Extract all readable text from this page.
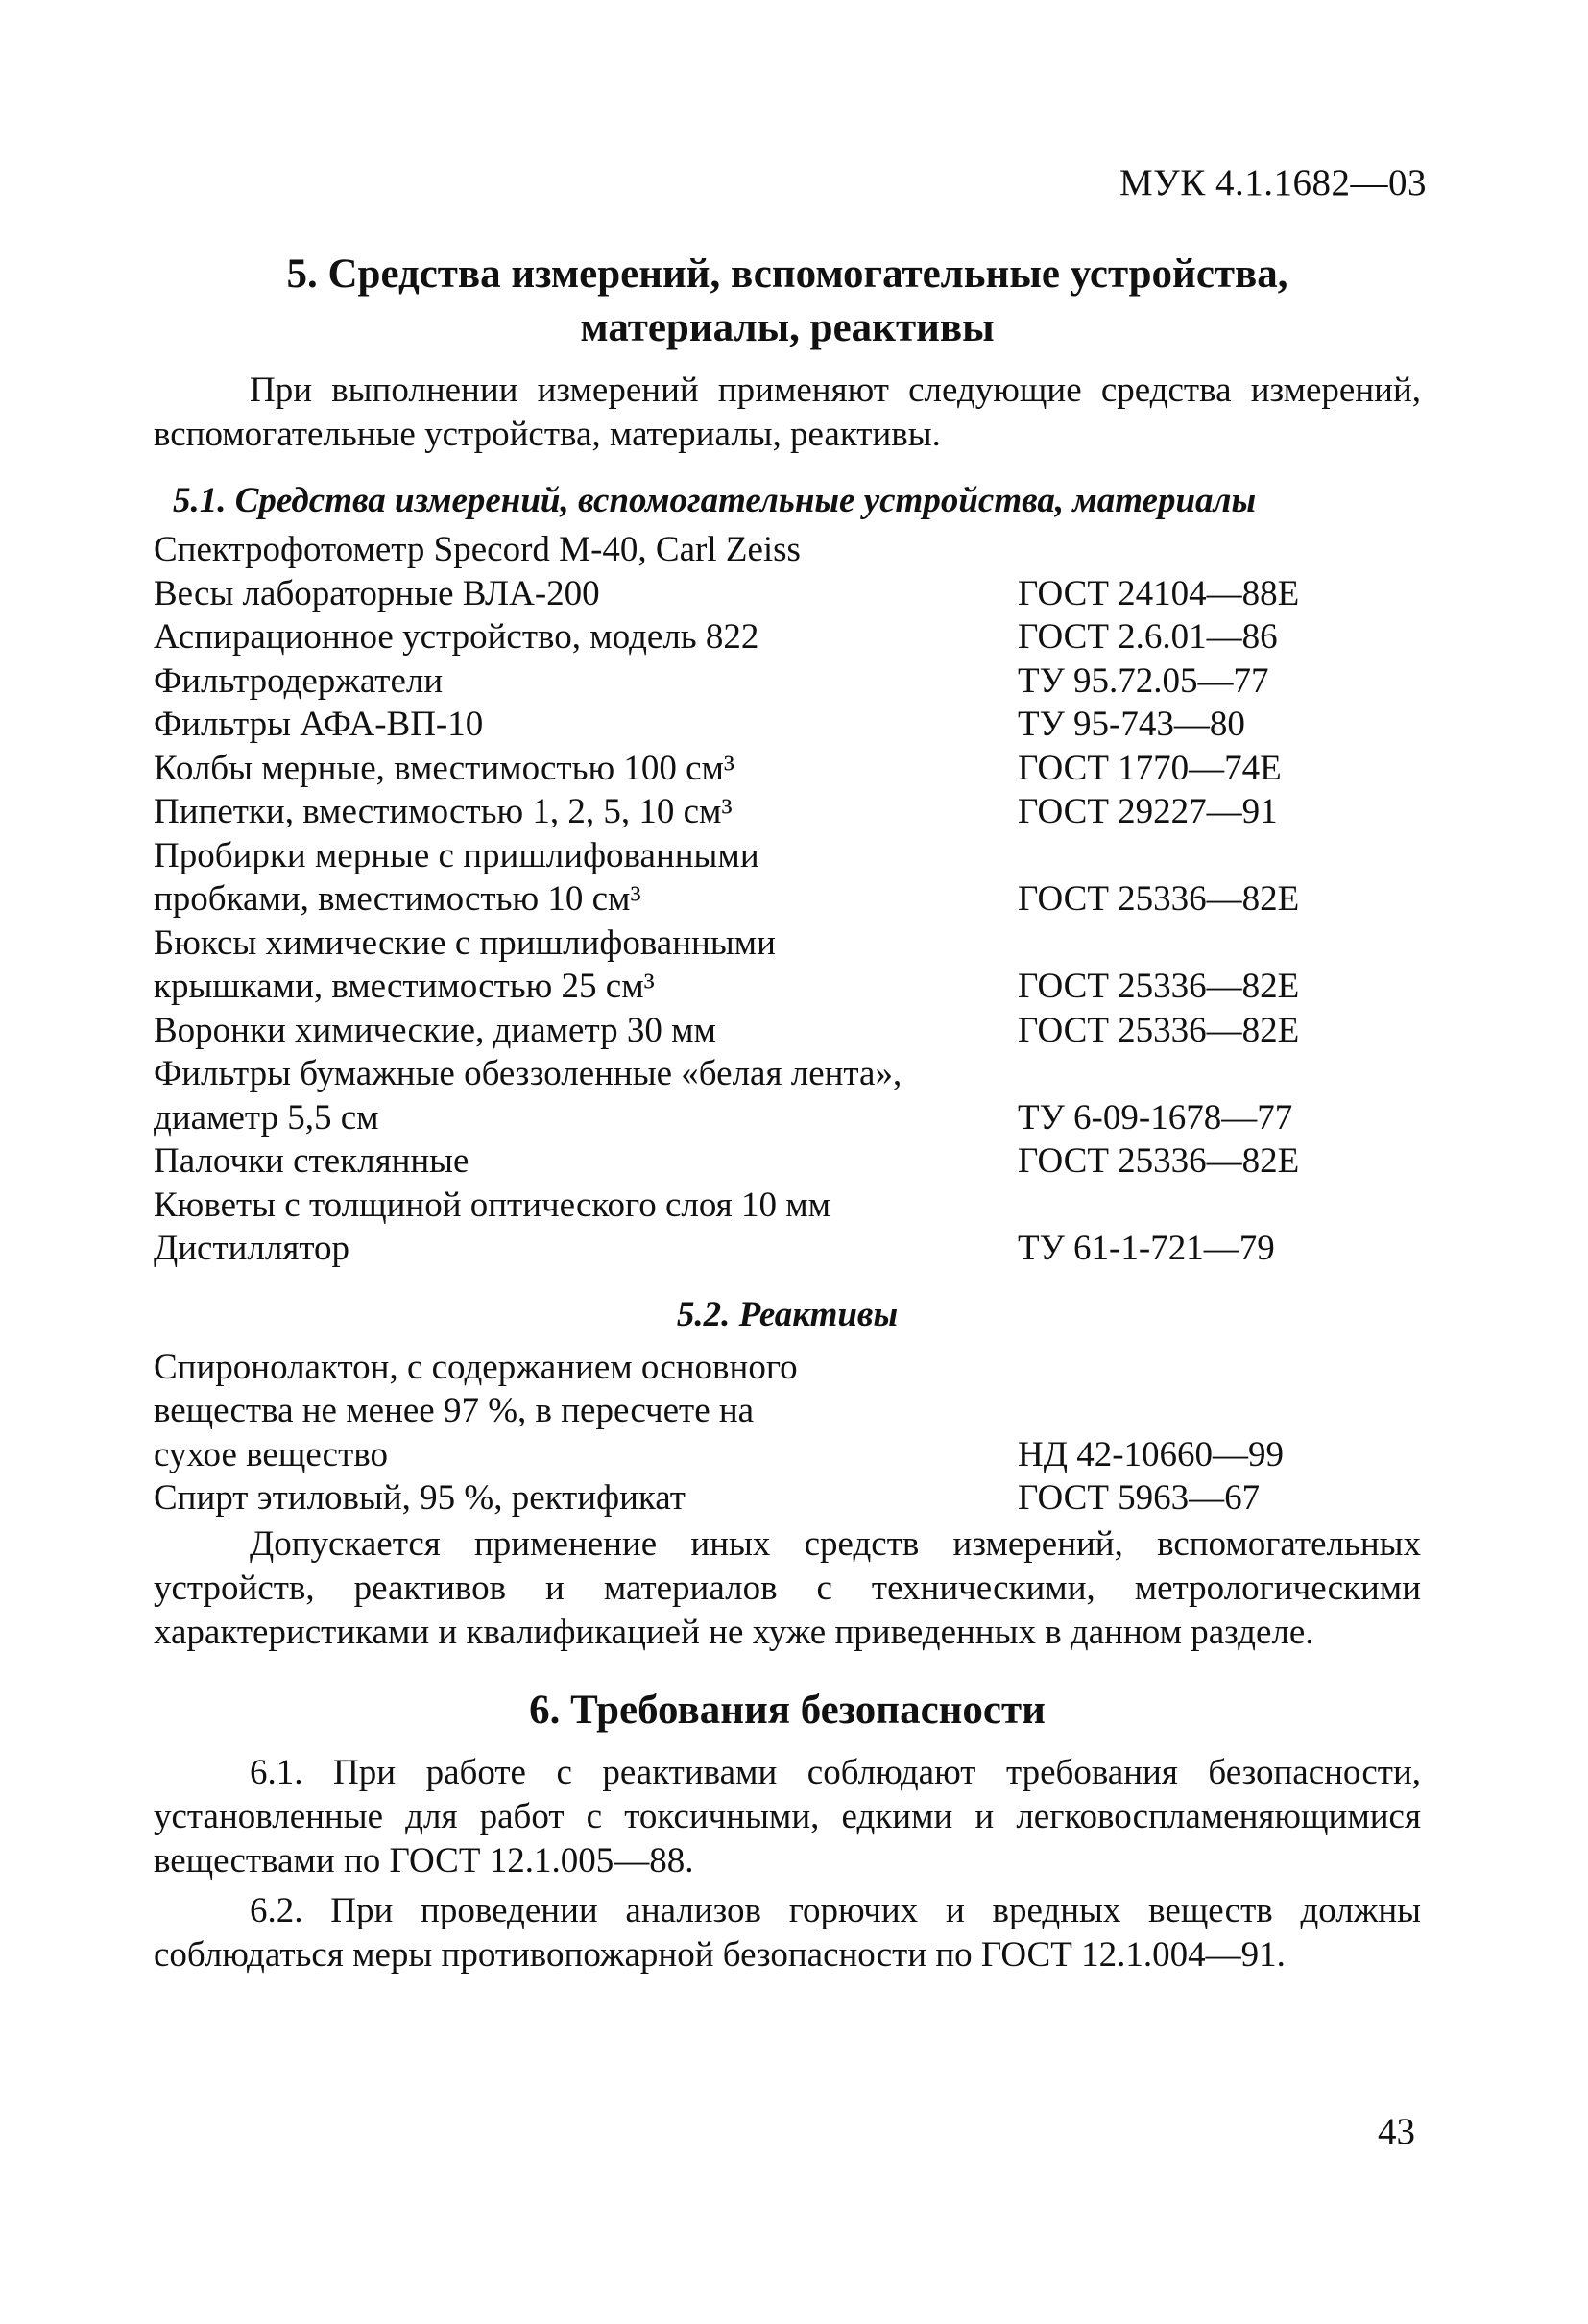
МУК 4.1.1682—03
5. Средства измерений, вспомогательные устройства,
материалы, реактивы

При выполнении измерений применяют следующие средства измерений, вспомогательные устройства, материалы, реактивы.

5.1. Средства измерений, вспомогательные устройства, материалы
Спектрофотометр Specord M-40, Carl Zeiss
Весы лабораторные ВЛА-200	ГОСТ 24104—88Е
Аспирационное устройство, модель 822	ГОСТ 2.6.01—86
Фильтродержатели	ТУ 95.72.05—77
Фильтры АФА-ВП-10	ТУ 95-743—80
Колбы мерные, вместимостью 100 см³	ГОСТ 1770—74Е
Пипетки, вместимостью 1, 2, 5, 10 см³	ГОСТ 29227—91
Пробирки мерные с пришлифованными
пробками, вместимостью 10 см³	ГОСТ 25336—82Е
Бюксы химические с пришлифованными
крышками, вместимостью 25 см³	ГОСТ 25336—82Е
Воронки химические, диаметр 30 мм	ГОСТ 25336—82Е
Фильтры бумажные обеззоленные «белая лента»,
диаметр 5,5 см	ТУ 6-09-1678—77
Палочки стеклянные	ГОСТ 25336—82Е
Кюветы с толщиной оптического слоя 10 мм
Дистиллятор	ТУ 61-1-721—79
5.2. Реактивы
Спиронолактон, с содержанием основного
вещества не менее 97 %, в пересчете на
сухое вещество	НД 42-10660—99
Спирт этиловый, 95 %, ректификат	ГОСТ 5963—67

Допускается применение иных средств измерений, вспомогательных устройств, реактивов и материалов с техническими, метрологическими характеристиками и квалификацией не хуже приведенных в данном разделе.

6. Требования безопасности

6.1. При работе с реактивами соблюдают требования безопасности, установленные для работ с токсичными, едкими и легковоспламеняющимися веществами по ГОСТ 12.1.005—88.

6.2. При проведении анализов горючих и вредных веществ должны соблюдаться меры противопожарной безопасности по ГОСТ 12.1.004—91.

43
